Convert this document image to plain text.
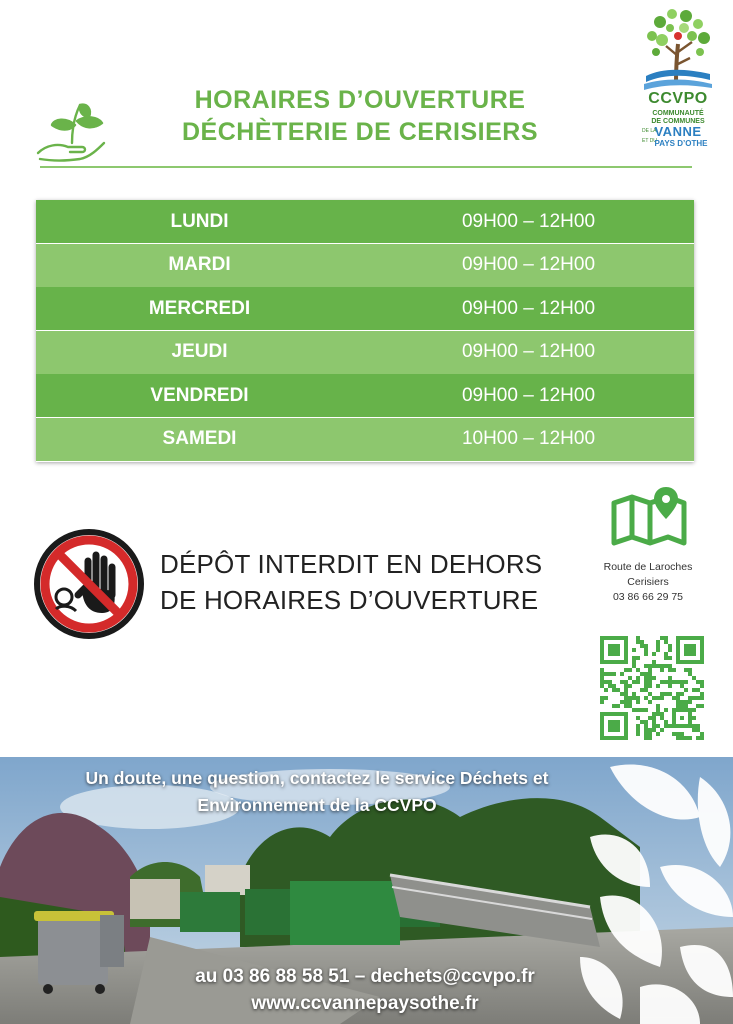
HORAIRES D’OUVERTURE
DÉCHÈTERIE DE CERISIERS
CCVPO
COMMUNAUTÉ
DE COMMUNES
DE LA
VANNE
ET DU
PAYS D’OTHE
LUNDI	09H00 – 12H00
MARDI	09H00 – 12H00
MERCREDI	09H00 – 12H00
JEUDI	09H00 – 12H00
VENDREDI	09H00 – 12H00
SAMEDI	10H00 – 12H00
DÉPÔT INTERDIT EN DEHORS
DE HORAIRES D’OUVERTURE
Route de Laroches
Cerisiers
03 86 66 29 75
Un doute, une question, contactez le service Déchets et
Environnement de la CCVPO
au 03 86 88 58 51 – dechets@ccvpo.fr
www.ccvannepaysothe.fr
